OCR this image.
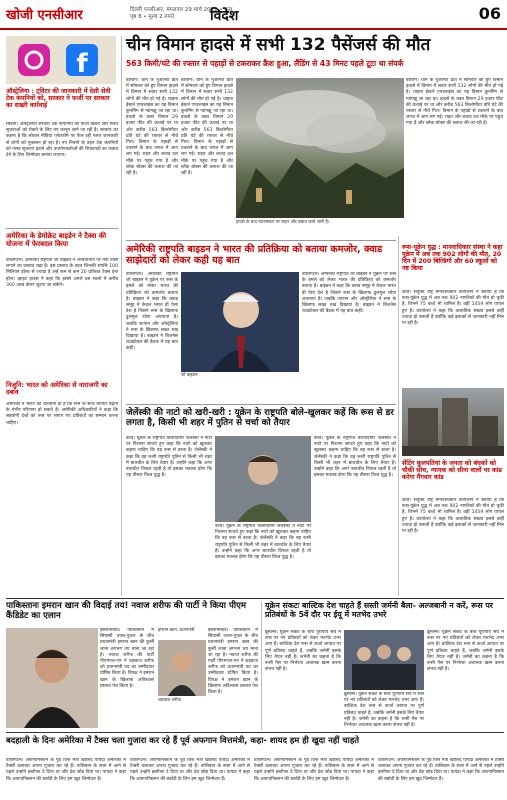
खोजी एनसीआर	दिल्ली एनसीआर, मंगलवार 29 मार्च 2022 • कुल पृष्ठ 8 • मूल्य 2 रुपये	विदेश	06
f
ऑस्ट्रेलिया : ट्विटर की जानकारी में देशी सेवी टेक कंपनियों को, सरकार ने फर्जी पर सरकार का सख्ती कार्रवाई
सिडनी। ऑस्ट्रेलिया सरकार टेक कंपनियों को फर्जी खबरों और गलत सूचनाओं को रोकने के लिए नए कानून लाने जा रही है। सरकार का कहना है कि सोशल मीडिया प्लेटफॉर्म पर फैल रही गलत जानकारी से लोगों को नुकसान हो रहा है। नए नियमों के तहत टेक कंपनियों को गलत सूचनाएं हटाने और उपयोगकर्ताओं की शिकायतों का जवाब देने के लिए जिम्मेदार बनाया जाएगा।
अमेरिका के डेमोक्रेट बाइडेन ने टैक्स की योजना में फेरबदल किया
वॉशिंगटन। अमेरिकी राष्ट्रपति जो बाइडेन ने अरबपतियों पर नया टैक्स लगाने का प्रस्ताव रखा है। इस प्रस्ताव के तहत जिनकी संपत्ति 100 मिलियन डॉलर से ज्यादा है उन्हें कम से कम 20 प्रतिशत टैक्स देना होगा। व्हाइट हाउस ने कहा कि इससे अगले दस सालों में करीब 360 अरब डॉलर जुटाए जा सकेंगे।
निजुनि: भारत को अमेरिका से नाराजगी का दबाव
अमेरिका ने भारत को चेतावनी दी है कि रूस के साथ व्यापार बढ़ाने के गंभीर परिणाम हो सकते हैं। अमेरिकी अधिकारियों ने कहा कि सहयोगी देशों को रूस पर लगाए गए प्रतिबंधों का सम्मान करना चाहिए।
चीन विमान हादसे में सभी 132 पैसेंजर्स की मौत
563 किमी/घंटे की रफ्तार से पहाड़ों से टकराकर क्रैश हुआ, लैंडिंग से 43 मिनट पहले टूटा था संपर्क
बीजिंग। चीन के गुआंग्शी प्रांत में सोमवार को हुए विमान हादसे में विमान में सवार सभी 132 लोगों की मौत हो गई है। चाइना ईस्टर्न एयरलाइंस का यह विमान कुनमिंग से ग्वांगझू जा रहा था। हादसे के वक्त विमान 29 हजार फीट की ऊंचाई पर था और करीब 563 किलोमीटर प्रति घंटे की रफ्तार से नीचे गिरा। विमान के पहाड़ों से टकराने के बाद जंगल में आग लग गई। राहत और बचाव दल मौके पर पहुंच गया है और ब्लैक बॉक्स की तलाश की जा रही है।
बीजिंग। चीन के गुआंग्शी प्रांत में सोमवार को हुए विमान हादसे में विमान में सवार सभी 132 लोगों की मौत हो गई है। चाइना ईस्टर्न एयरलाइंस का यह विमान कुनमिंग से ग्वांगझू जा रहा था। हादसे के वक्त विमान 29 हजार फीट की ऊंचाई पर था और करीब 563 किलोमीटर प्रति घंटे की रफ्तार से नीचे गिरा। विमान के पहाड़ों से टकराने के बाद जंगल में आग लग गई। राहत और बचाव दल मौके पर पहुंच गया है और ब्लैक बॉक्स की तलाश की जा रही है।
हादसे के बाद घटनास्थल पर राहत और बचाव कार्य जारी है।
बीजिंग। चीन के गुआंग्शी प्रांत में सोमवार को हुए विमान हादसे में विमान में सवार सभी 132 लोगों की मौत हो गई है। चाइना ईस्टर्न एयरलाइंस का यह विमान कुनमिंग से ग्वांगझू जा रहा था। हादसे के वक्त विमान 29 हजार फीट की ऊंचाई पर था और करीब 563 किलोमीटर प्रति घंटे की रफ्तार से नीचे गिरा। विमान के पहाड़ों से टकराने के बाद जंगल में आग लग गई। राहत और बचाव दल मौके पर पहुंच गया है और ब्लैक बॉक्स की तलाश की जा रही है।
अमेरिकी राष्ट्रपति बाइडन ने भारत की प्रतिक्रिया को बताया कमजोर, क्वाड साझेदारों को लेकर कही यह बात
वॉशिंगटन। अमेरिकी राष्ट्रपति जो बाइडन ने यूक्रेन पर रूस के हमले को लेकर भारत की प्रतिक्रिया को कमजोर बताया है। बाइडन ने कहा कि क्वाड समूह में केवल भारत ही ऐसा देश है जिसने रूस के खिलाफ ढुलमुल रवैया अपनाया है। जबकि जापान और ऑस्ट्रेलिया ने रूस के खिलाफ सख्त रुख दिखाया है। बाइडन ने बिजनेस राउंडटेबल की बैठक में यह बात कही।
जो बाइडन
वॉशिंगटन। अमेरिकी राष्ट्रपति जो बाइडन ने यूक्रेन पर रूस के हमले को लेकर भारत की प्रतिक्रिया को कमजोर बताया है। बाइडन ने कहा कि क्वाड समूह में केवल भारत ही ऐसा देश है जिसने रूस के खिलाफ ढुलमुल रवैया अपनाया है। जबकि जापान और ऑस्ट्रेलिया ने रूस के खिलाफ सख्त रुख दिखाया है। बाइडन ने बिजनेस राउंडटेबल की बैठक में यह बात कही।
रूस-यूक्रेन युद्ध : मानवाधिकार संस्था ने कहा यूक्रेन में अब तक 902 लोगों की मौत, 20 दिन में 200 बिल्डिंगों और 60 स्कूलों को नष्ट किया
कीव। संयुक्त राष्ट्र मानवाधिकार कार्यालय ने बताया है कि रूस-यूक्रेन युद्ध में अब तक 902 नागरिकों की मौत हो चुकी है, जिनमें 75 बच्चे भी शामिल हैं। वहीं 1459 लोग घायल हुए हैं। कार्यालय ने कहा कि वास्तविक संख्या इससे कहीं ज्यादा हो सकती है क्योंकि कई इलाकों से जानकारी नहीं मिल पा रही है।
सेंटिंग कुलपतियां के जनता को बंधकों को चौकी सोच, न्यायक को सीना वालों पर कांड करेगा गैंगवार कांड
कीव। संयुक्त राष्ट्र मानवाधिकार कार्यालय ने बताया है कि रूस-यूक्रेन युद्ध में अब तक 902 नागरिकों की मौत हो चुकी है, जिनमें 75 बच्चे भी शामिल हैं। वहीं 1459 लोग घायल हुए हैं। कार्यालय ने कहा कि वास्तविक संख्या इससे कहीं ज्यादा हो सकती है क्योंकि कई इलाकों से जानकारी नहीं मिल पा रही है।
जेलेंस्की की नाटो को खरी-खरी : यूक्रेन के राष्ट्रपति बोले-खुलकर कहें कि रूस से डर लगता है, किसी भी शहर में पुतिन से चर्चा को तैयार
कीव। यूक्रेन के राष्ट्रपति वोलोदिमीर जेलेंस्की ने नाटो पर निशाना साधते हुए कहा कि नाटो को खुलकर कहना चाहिए कि वह रूस से डरता है। जेलेंस्की ने कहा कि वह रूसी राष्ट्रपति पुतिन से किसी भी शहर में बातचीत के लिए तैयार हैं। उन्होंने कहा कि अगर बातचीत विफल रहती है तो इसका मतलब होगा कि यह तीसरा विश्व युद्ध है।
कीव। यूक्रेन के राष्ट्रपति वोलोदिमीर जेलेंस्की ने नाटो पर निशाना साधते हुए कहा कि नाटो को खुलकर कहना चाहिए कि वह रूस से डरता है। जेलेंस्की ने कहा कि वह रूसी राष्ट्रपति पुतिन से किसी भी शहर में बातचीत के लिए तैयार हैं। उन्होंने कहा कि अगर बातचीत विफल रहती है तो इसका मतलब होगा कि यह तीसरा विश्व युद्ध है।
कीव। यूक्रेन के राष्ट्रपति वोलोदिमीर जेलेंस्की ने नाटो पर निशाना साधते हुए कहा कि नाटो को खुलकर कहना चाहिए कि वह रूस से डरता है। जेलेंस्की ने कहा कि वह रूसी राष्ट्रपति पुतिन से किसी भी शहर में बातचीत के लिए तैयार हैं। उन्होंने कहा कि अगर बातचीत विफल रहती है तो इसका मतलब होगा कि यह तीसरा विश्व युद्ध है।
पाकिस्तानः इमरान खान की विदाई तय! नवाज शरीफ की पार्टी ने किया पीएम कैंडिडेट का एलान
इस्लामाबाद। पाकिस्तान में सियासी उथल-पुथल के बीच प्रधानमंत्री इमरान खान की कुर्सी जाना लगभग तय माना जा रहा है। नवाज शरीफ की पार्टी पीएमएल-एन ने शहबाज शरीफ को प्रधानमंत्री पद का उम्मीदवार घोषित किया है। विपक्ष ने इमरान खान के खिलाफ अविश्वास प्रस्ताव पेश किया है।
इमरान खान, प्रधानमंत्री
शहबाज शरीफ
इस्लामाबाद। पाकिस्तान में सियासी उथल-पुथल के बीच प्रधानमंत्री इमरान खान की कुर्सी जाना लगभग तय माना जा रहा है। नवाज शरीफ की पार्टी पीएमएल-एन ने शहबाज शरीफ को प्रधानमंत्री पद का उम्मीदवार घोषित किया है। विपक्ष ने इमरान खान के खिलाफ अविश्वास प्रस्ताव पेश किया है।
यूक्रेन संकटः बाल्टिक देश चाहते हैं सस्ती जर्मनी बैला- अल्जबानी न करें, रूस पर प्रतिबंधों के 5वें दौर पर ईयू में मतभेद उभरे
ब्रुसेल्स। यूक्रेन संकट के बीच यूरोपीय संघ में रूस पर नए प्रतिबंधों को लेकर मतभेद उभर आए हैं। बाल्टिक देश रूस से ऊर्जा आयात पर पूर्ण प्रतिबंध चाहते हैं, जबकि जर्मनी इसके लिए तैयार नहीं है। जर्मनी का कहना है कि रूसी गैस पर निर्भरता अचानक खत्म करना संभव नहीं है।
ब्रुसेल्स। यूक्रेन संकट के बीच यूरोपीय संघ में रूस पर नए प्रतिबंधों को लेकर मतभेद उभर आए हैं। बाल्टिक देश रूस से ऊर्जा आयात पर पूर्ण प्रतिबंध चाहते हैं, जबकि जर्मनी इसके लिए तैयार नहीं है। जर्मनी का कहना है कि रूसी गैस पर निर्भरता अचानक खत्म करना संभव नहीं है।
ब्रुसेल्स। यूक्रेन संकट के बीच यूरोपीय संघ में रूस पर नए प्रतिबंधों को लेकर मतभेद उभर आए हैं। बाल्टिक देश रूस से ऊर्जा आयात पर पूर्ण प्रतिबंध चाहते हैं, जबकि जर्मनी इसके लिए तैयार नहीं है। जर्मनी का कहना है कि रूसी गैस पर निर्भरता अचानक खत्म करना संभव नहीं है।
बदहाली के दिनः अमेरिका में टैक्स चला गुजारा कर रहे हैं पूर्व अफगान वित्तमंत्री, कहा- शायद हम ही खुदा नहीं चाहते
वॉशिंगटन। अफगानिस्तान के पूर्व वित्त मंत्री खालिद पायंदा अमेरिका में टैक्सी चलाकर अपना गुजारा कर रहे हैं। तालिबान के सत्ता में आने से पहले उन्होंने इस्तीफा दे दिया था और देश छोड़ दिया था। पायंदा ने कहा कि अफगानिस्तान की बर्बादी के लिए हम खुद जिम्मेदार हैं।
वॉशिंगटन। अफगानिस्तान के पूर्व वित्त मंत्री खालिद पायंदा अमेरिका में टैक्सी चलाकर अपना गुजारा कर रहे हैं। तालिबान के सत्ता में आने से पहले उन्होंने इस्तीफा दे दिया था और देश छोड़ दिया था। पायंदा ने कहा कि अफगानिस्तान की बर्बादी के लिए हम खुद जिम्मेदार हैं।
वॉशिंगटन। अफगानिस्तान के पूर्व वित्त मंत्री खालिद पायंदा अमेरिका में टैक्सी चलाकर अपना गुजारा कर रहे हैं। तालिबान के सत्ता में आने से पहले उन्होंने इस्तीफा दे दिया था और देश छोड़ दिया था। पायंदा ने कहा कि अफगानिस्तान की बर्बादी के लिए हम खुद जिम्मेदार हैं।
वॉशिंगटन। अफगानिस्तान के पूर्व वित्त मंत्री खालिद पायंदा अमेरिका में टैक्सी चलाकर अपना गुजारा कर रहे हैं। तालिबान के सत्ता में आने से पहले उन्होंने इस्तीफा दे दिया था और देश छोड़ दिया था। पायंदा ने कहा कि अफगानिस्तान की बर्बादी के लिए हम खुद जिम्मेदार हैं।
